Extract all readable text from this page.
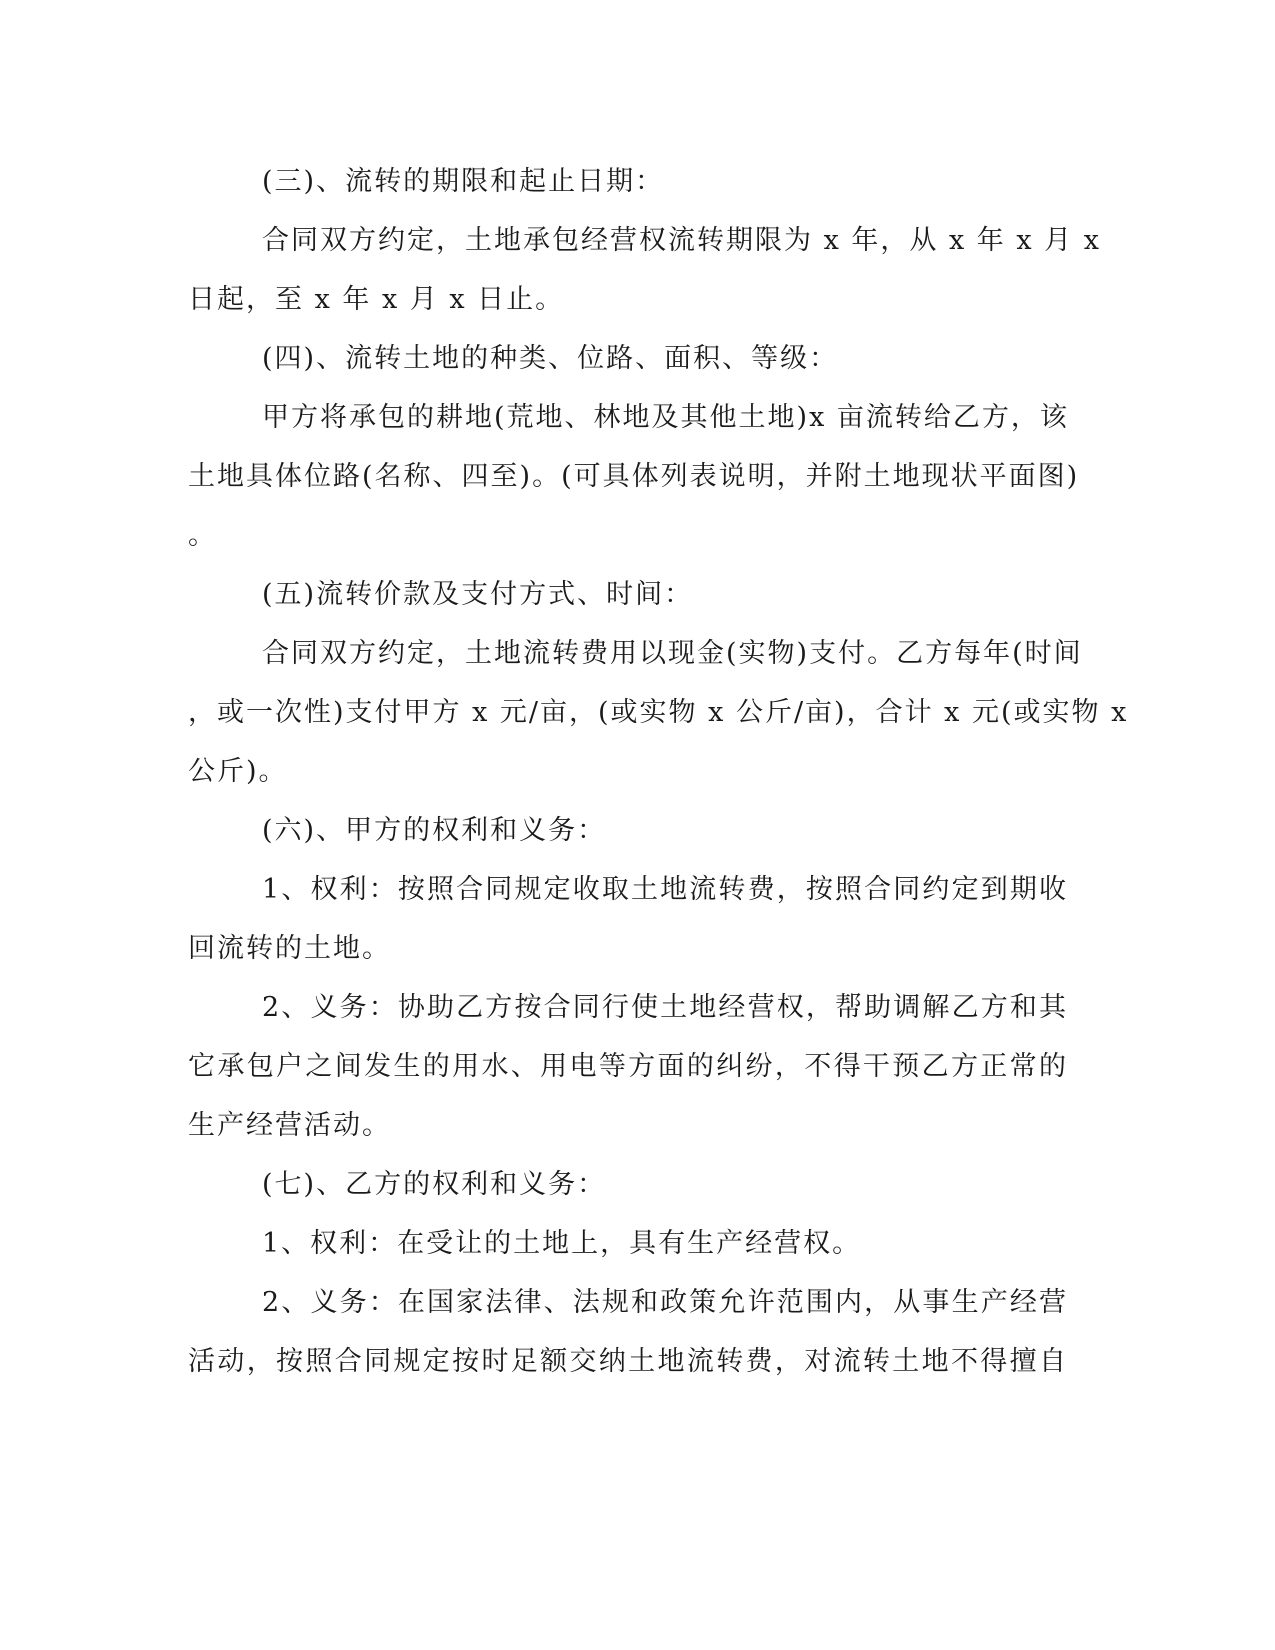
(三)、流转的期限和起止日期：

合同双方约定，土地承包经营权流转期限为 x 年，从 x 年 x 月 x

日起，至 x 年 x 月 x 日止。

(四)、流转土地的种类、位路、面积、等级：

甲方将承包的耕地(荒地、林地及其他土地)x 亩流转给乙方，该

土地具体位路(名称、四至)。(可具体列表说明，并附土地现状平面图)

。

(五)流转价款及支付方式、时间：

合同双方约定，土地流转费用以现金(实物)支付。乙方每年(时间

，或一次性)支付甲方 x 元/亩，(或实物 x 公斤/亩)，合计 x 元(或实物 x

公斤)。

(六)、甲方的权利和义务：

1、权利：按照合同规定收取土地流转费，按照合同约定到期收

回流转的土地。

2、义务：协助乙方按合同行使土地经营权，帮助调解乙方和其

它承包户之间发生的用水、用电等方面的纠纷，不得干预乙方正常的

生产经营活动。

(七)、乙方的权利和义务：

1、权利：在受让的土地上，具有生产经营权。

2、义务：在国家法律、法规和政策允许范围内，从事生产经营

活动，按照合同规定按时足额交纳土地流转费，对流转土地不得擅自
